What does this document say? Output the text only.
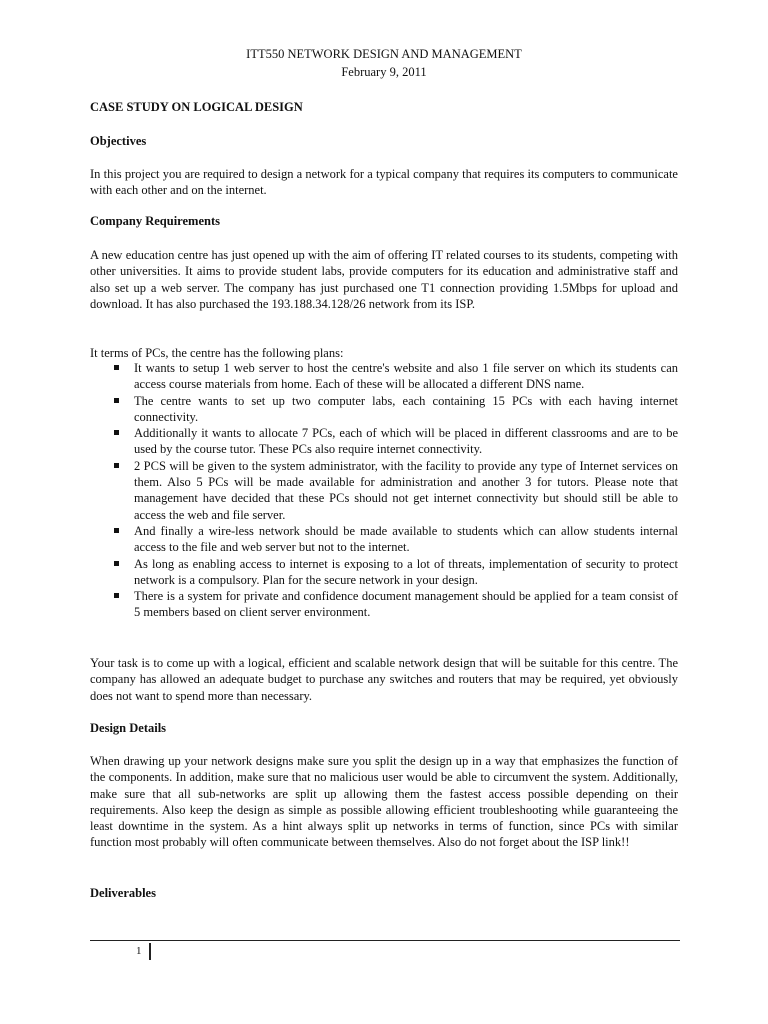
ITT550 NETWORK DESIGN AND MANAGEMENT
February 9, 2011
CASE STUDY ON LOGICAL DESIGN
Objectives

In this project you are required to design a network for a typical company that requires its computers to communicate with each other and on the internet.

Company Requirements

A new education centre has just opened up with the aim of offering IT related courses to its students, competing with other universities. It aims to provide student labs, provide computers for its education and administrative staff and also set up a web server. The company has just purchased one T1 connection providing 1.5Mbps for upload and download. It has also purchased the 193.188.34.128/26 network from its ISP.

It terms of PCs, the centre has the following plans:
It wants to setup 1 web server to host the centre's website and also 1 file server on which its students can access course materials from home. Each of these will be allocated a different DNS name.
The centre wants to set up two computer labs, each containing 15 PCs with each having internet connectivity.
Additionally it wants to allocate 7 PCs, each of which will be placed in different classrooms and are to be used by the course tutor. These PCs also require internet connectivity.
2 PCS will be given to the system administrator, with the facility to provide any type of Internet services on them. Also 5 PCs will be made available for administration and another 3 for tutors. Please note that management have decided that these PCs should not get internet connectivity but should still be able to access the web and file server.
And finally a wire-less network should be made available to students which can allow students internal access to the file and web server but not to the internet.
As long as enabling access to internet is exposing to a lot of threats, implementation of security to protect network is a compulsory. Plan for the secure network in your design.
There is a system for private and confidence document management should be applied for a team consist of 5 members based on client server environment.

Your task is to come up with a logical, efficient and scalable network design that will be suitable for this centre. The company has allowed an adequate budget to purchase any switches and routers that may be required, yet obviously does not want to spend more than necessary.

Design Details

When drawing up your network designs make sure you split the design up in a way that emphasizes the function of the components. In addition, make sure that no malicious user would be able to circumvent the system. Additionally, make sure that all sub-networks are split up allowing them the fastest access possible depending on their requirements. Also keep the design as simple as possible allowing efficient troubleshooting while guaranteeing the least downtime in the system. As a hint always split up networks in terms of function, since PCs with similar function most probably will often communicate between themselves. Also do not forget about the ISP link!!

Deliverables
1
